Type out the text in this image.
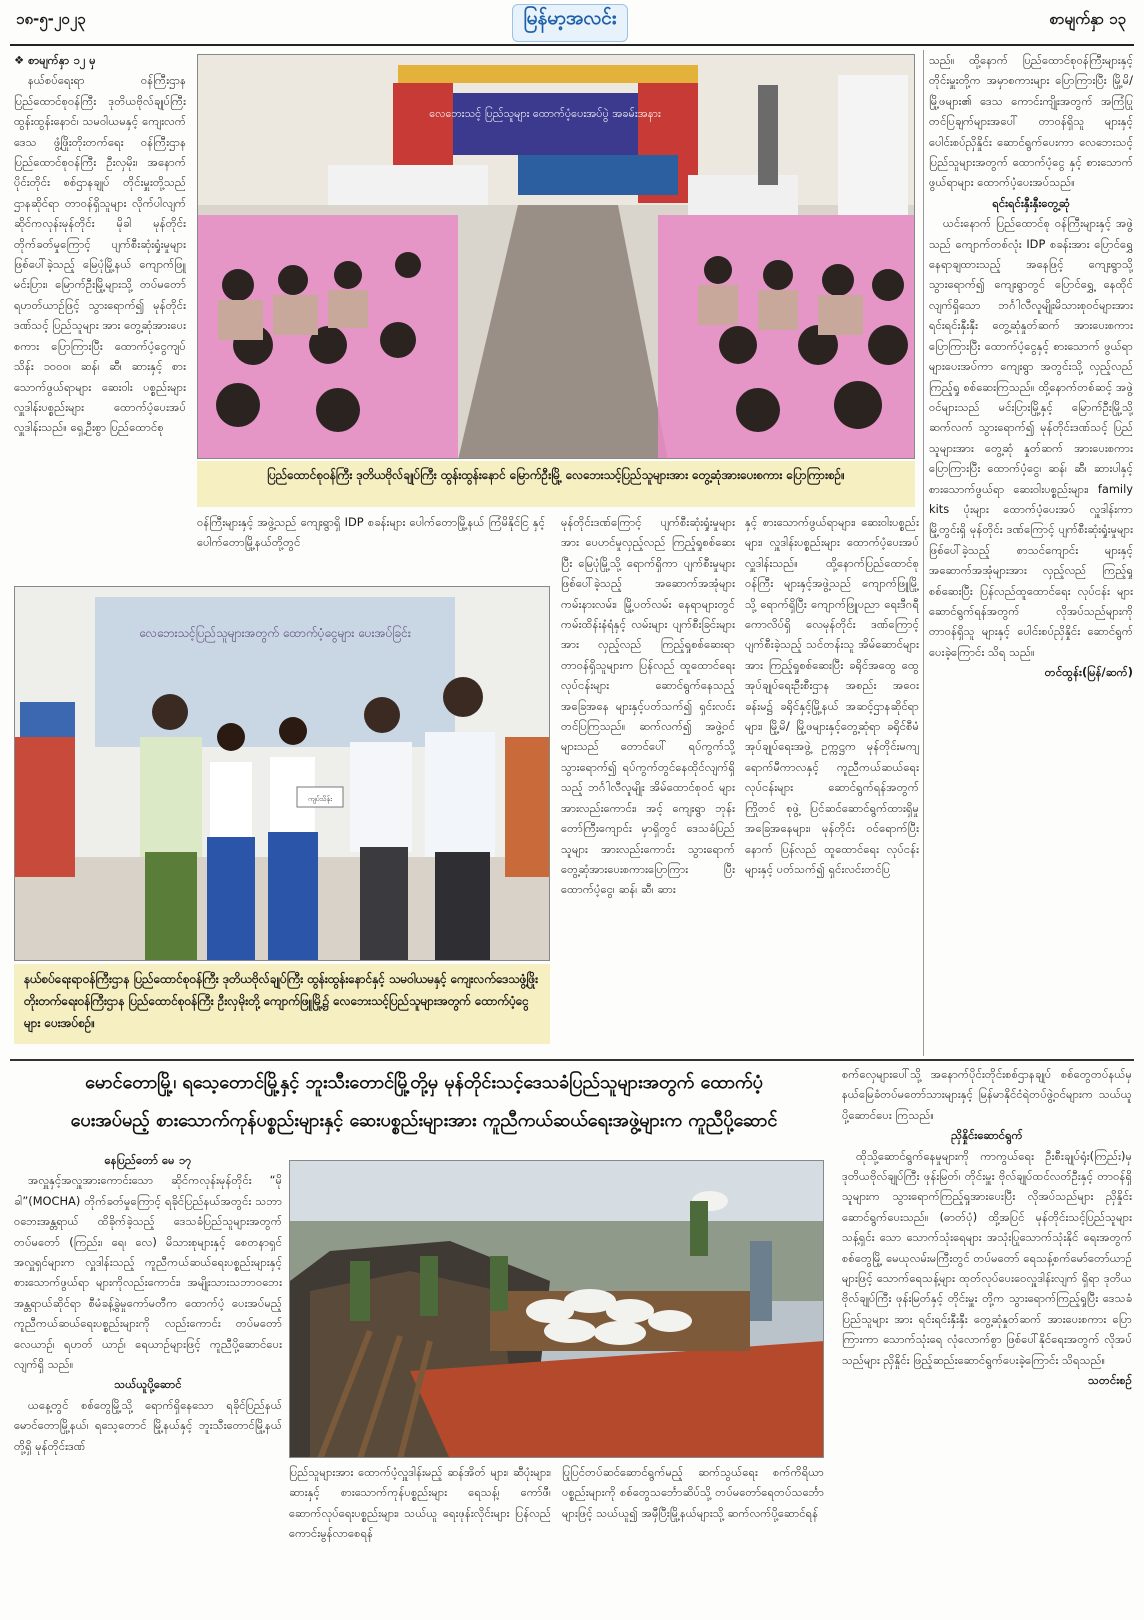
၁၈-၅-၂၀၂၃	မြန်မာ့အလင်း	စာမျက်နှာ ၁၃

❖ စာမျက်နှာ ၁၂ မှ

နယ်စပ်ရေးရာ ဝန်ကြီးဌာန ပြည်ထောင်စုဝန်ကြီး ဒုတိယဗိုလ်ချုပ်ကြီး ထွန်းထွန်းနောင်၊ သမဝါယမနှင့် ကျေးလက်ဒေသ ဖွံ့ဖြိုးတိုးတက်ရေး ဝန်ကြီးဌာန ပြည်ထောင်စုဝန်ကြီး ဦးလှမိုး၊ အနောက်ပိုင်းတိုင်း စစ်ဌာနချုပ် တိုင်းမှူးတို့သည် ဌာနဆိုင်ရာ တာဝန်ရှိသူများ လိုက်ပါလျက် ဆိုင်ကလုန်းမုန်တိုင်း မိုခါ မုန်တိုင်း တိုက်ခတ်မှုကြောင့် ပျက်စီးဆုံးရှုံးမှုများ ဖြစ်ပေါ်ခဲ့သည့် မြေပုံမြို့နယ် ကျောက်ဖြူ မင်းပြား၊ မြောက်ဦးမြို့များသို့ တပ်မတော် ရဟတ်ယာဉ်ဖြင့် သွားရောက်၍ မုန်တိုင်းဒဏ်သင့် ပြည်သူများ အား တွေ့ဆုံအားပေးစကား ပြောကြားပြီး ထောက်ပံ့ငွေကျပ် သိန်း ၁၀၀၀၊ ဆန်၊ ဆီ၊ ဆားနှင့် စားသောက်ဖွယ်ရာများ ဆေးဝါး ပစ္စည်းများ လှူဒါန်းပစ္စည်းများ ထောက်ပံ့ပေးအပ်လှူဒါန်းသည်။ ရှေ့ဦးစွာ ပြည်ထောင်စု

လေဘေးသင့် ပြည်သူများ ထောက်ပံ့ပေးအပ်ပွဲ အခမ်းအနား
ပြည်ထောင်စုဝန်ကြီး ဒုတိယဗိုလ်ချုပ်ကြီး ထွန်းထွန်းနောင် မြောက်ဦးမြို့ လေဘေးသင့်ပြည်သူများအား တွေ့ဆုံအားပေးစကား ပြောကြားစဉ်။
ဝန်ကြီးများနှင့် အဖွဲ့သည် ကျေးရွာရှိ IDP စခန်းများ ပေါက်တောမြို့နယ် ကြံမိနိုင်ငြ နှင့် ပေါက်တောမြို့နယ်တို့တွင်

သည်။ ထို့နောက် ပြည်ထောင်စုဝန်ကြီးများနှင့် တိုင်းမှူးတို့က အမှာစကားများ ပြောကြားပြီး မြို့မိ/ မြို့ဖများ၏ ဒေသ ကောင်းကျိုးအတွက် အကြံပြု တင်ပြချက်များအပေါ် တာဝန်ရှိသူ များနှင့် ပေါင်းစပ်ညှိနှိုင်း ဆောင်ရွက်ပေးကာ လေဘေးသင့် ပြည်သူများအတွက် ထောက်ပံ့ငွေ နှင့် စားသောက်ဖွယ်ရာများ ထောက်ပံ့ပေးအပ်သည်။

ရင်းရင်းနှီးနှီးတွေ့ဆုံ

ယင်းနောက် ပြည်ထောင်စု ဝန်ကြီးများနှင့် အဖွဲ့သည် ကျောက်တစ်လုံး IDP စခန်းအား ပြောင်ရွှေ့ နေရာချထားသည့် အနေဖြင့် ကျေးရွာသို့ သွားရောက်၍ ကျေးရွာတွင် ပြောင်ရွှေ့ နေထိုင်လျက်ရှိသော ဘင်္ဂါလီလူမျိုးမိသားစုဝင်များအား ရင်းရင်းနှီးနှီး တွေ့ဆုံနှုတ်ဆက် အားပေးစကား ပြောကြားပြီး ထောက်ပံ့ငွေနှင့် စားသောက် ဖွယ်ရာများပေးအပ်ကာ ကျေးရွာ အတွင်းသို့ လှည့်လည်ကြည့်ရှု စစ်ဆေးကြသည်။ ထို့နောက်တစ်ဆင့် အဖွဲ့ဝင်များသည် မင်းပြားမြို့နှင့် မြောက်ဦးမြို့သို့ ဆက်လက် သွားရောက်၍ မုန်တိုင်းဒဏ်သင့် ပြည်သူများအား တွေ့ဆုံ နှုတ်ဆက် အားပေးစကား ပြောကြားပြီး ထောက်ပံ့ငွေ၊ ဆန်၊ ဆီ၊ ဆားပါနှင့် စားသောက်ဖွယ်ရာ ဆေးဝါးပစ္စည်းများ၊ family kits ပုံးများ ထောက်ပံ့ပေးအပ် လှူဒါန်းကာ မြို့တွင်းရှိ မုန်တိုင်း ဒဏ်ကြောင့် ပျက်စီးဆုံးရှုံးမှုများ ဖြစ်ပေါ်ခဲ့သည့် စာသင်ကျောင်း များနှင့် အဆောက်အအုံများအား လှည့်လည် ကြည့်ရှုစစ်ဆေးပြီး ပြန်လည်ထူထောင်ရေး လုပ်ငန်း များ ဆောင်ရွက်ရန်အတွက် လိုအပ်သည်များကို တာဝန်ရှိသူ များနှင့် ပေါင်းစပ်ညှိနှိုင်း ဆောင်ရွက်ပေးခဲ့ကြောင်း သိရ သည်။

တင်ထွန်း(မြန်/ဆက်)

လေဘေးသင့်ပြည်သူများအတွက် ထောက်ပံ့ငွေများ ပေးအပ်ခြင်း
ကျပ်သိန်း
နယ်စပ်ရေးရာဝန်ကြီးဌာန ပြည်ထောင်စုဝန်ကြီး ဒုတိယဗိုလ်ချုပ်ကြီး ထွန်းထွန်းနောင်နှင့် သမဝါယမနှင့် ကျေးလက်ဒေသဖွံ့ဖြိုးတိုးတက်ရေးဝန်ကြီးဌာန ပြည်ထောင်စုဝန်ကြီး ဦးလှမိုးတို့ ကျောက်ဖြူမြို့၌ လေဘေးသင့်ပြည်သူများအတွက် ထောက်ပံ့ငွေများ ပေးအပ်စဉ်။

မုန်တိုင်းဒဏ်ကြောင့် ပျက်စီးဆုံးရှုံးမှုများအား ပေဟင်မှုလှည့်လည် ကြည့်ရှုစစ်ဆေးပြီး မြေပုံမြို့သို့ ရောက်ရှိကာ ပျက်စီးမှုများ ဖြစ်ပေါ်ခဲ့သည့် အဆောက်အအုံများ ကမ်းနားလမ်း၊ မြို့ပတ်လမ်း နေရာများတွင် ကမ်းထိန်းနံရံနှင့် လမ်းများ ပျက်စီးခြင်းများအား လှည့်လည် ကြည့်ရှုစစ်ဆေးရာ တာဝန်ရှိသူများက ပြန်လည် ထူထောင်ရေး လုပ်ငန်းများ ဆောင်ရွက်နေသည့် အခြေအနေ များနှင့်ပတ်သက်၍ ရှင်းလင်း တင်ပြကြသည်။ ဆက်လက်၍ အဖွဲ့ဝင်များသည် တောင်ပေါ် ရပ်ကွက်သို့ သွားရောက်၍ ရပ်ကွက်တွင်နေထိုင်လျက်ရှိသည့် ဘင်္ဂါလီလူမျိုး အိမ်ထောင်စုဝင် များအားလည်းကောင်း၊ အင့် ကျေးရွာ ဘုန်းတော်ကြီးကျောင်း မှာရှိတွင် ဒေသခံပြည်သူများ အားလည်းကောင်း သွားရောက် တွေ့ဆုံအားပေးစကားပြောကြား ပြီး ထောက်ပံ့ငွေ၊ ဆန်၊ ဆီ၊ ဆား

နှင့် စားသောက်ဖွယ်ရာများ၊ ဆေးဝါးပစ္စည်းများ၊ လှူဒါန်းပစ္စည်းများ ထောက်ပံ့ပေးအပ် လှူဒါန်းသည်။ ထို့နောက်ပြည်ထောင်စုဝန်ကြီး များနှင့်အဖွဲ့သည် ကျောက်ဖြူမြို့ သို့ ရောက်ရှိပြီး ကျောက်ဖြူပညာ ရေးဒီဂရီကောလိပ်ရှိ လေမုန်တိုင်း ဒဏ်ကြောင့် ပျက်စီးခဲ့သည့် သင်တန်းသူ အိမ်ဆောင်များအား ကြည့်ရှုစစ်ဆေးပြီး ခရိုင်အထွေ ထွေအုပ်ချုပ်ရေးဦးစီးဌာန အစည်း အဝေးခန်းမ၌ ခရိုင်နှင့်မြို့နယ် အဆင့်ဌာနဆိုင်ရာများ၊ မြို့မိ/ မြို့ဖများနှင့်တွေ့ဆုံရာ ခရိုင်စီမံ အုပ်ချုပ်ရေးအဖွဲ့ ဥက္ကဋ္ဌက မုန်တိုင်းမကျရောက်မီကာလနှင့် ကူညီကယ်ဆယ်ရေးလုပ်ငန်းများ ဆောင်ရွက်ရန်အတွက် ကြိုတင် စုဖွဲ့ ပြင်ဆင်ဆောင်ရွက်ထားရှိမှု အခြေအနေများ၊ မုန်တိုင်း ဝင်ရောက်ပြီးနောက် ပြန်လည် ထူထောင်ရေး လုပ်ငန်းများနှင့် ပတ်သက်၍ ရှင်းလင်းတင်ပြ

မောင်တောမြို့၊ ရသေ့တောင်မြို့နှင့် ဘူးသီးတောင်မြို့တို့မှ မုန်တိုင်းသင့်ဒေသခံပြည်သူများအတွက် ထောက်ပံ့
ပေးအပ်မည့် စားသောက်ကုန်ပစ္စည်းများနှင့် ဆေးပစ္စည်းများအား ကူညီကယ်ဆယ်ရေးအဖွဲ့များက ကူညီပို့ဆောင်

စက်လှေများပေါ်သို့ အနောက်ပိုင်းတိုင်းစစ်ဌာနချုပ် စစ်တွေတပ်နယ်မှ နယ်မြေခံတပ်မတော်သားများနှင့် မြန်မာနိုင်ငံရဲတပ်ဖွဲ့ဝင်များက သယ်ယူပို့ဆောင်ပေး ကြသည်။

ညှိနှိုင်းဆောင်ရွက်

ထိုသို့ဆောင်ရွက်နေမှုများကို ကာကွယ်ရေး ဦးစီးချုပ်ရုံး(ကြည်း)မှ ဒုတိယဗိုလ်ချုပ်ကြီး ဖုန်းမြတ်၊ တိုင်းမှူး ဗိုလ်ချုပ်ထင်လတ်ဦးနှင့် တာဝန်ရှိသူများက သွားရောက်ကြည့်ရှုအားပေးပြီး လိုအပ်သည်များ ညှိနှိုင်းဆောင်ရွက်ပေးသည်။ (ဓာတ်ပုံ) ထို့အပြင် မုန်တိုင်းသင့်ပြည်သူများ သန့်ရှင်း သော သောက်သုံးရေများ အသုံးပြုသောက်သုံးနိုင် ရေးအတွက် စစ်တွေမြို့ မေယုလမ်းမကြီးတွင် တပ်မတော် ရေသန့်စက်မော်တော်ယာဉ်များဖြင့် သောက်ရေသန့်များ ထုတ်လုပ်ပေးဝေလှူဒါန်းလျက် ရှိရာ ဒုတိယဗိုလ်ချုပ်ကြီး ဖုန်းမြတ်နှင့် တိုင်းမှူး တို့က သွားရောက်ကြည့်ရှုပြီး ဒေသခံပြည်သူများ အား ရင်းရင်းနှီးနှီး တွေ့ဆုံနှုတ်ဆက် အားပေးစကား ပြောကြားကာ သောက်သုံးရေ လုံလောက်စွာ ဖြစ်ပေါ်နိုင်ရေးအတွက် လိုအပ်သည်များ ညှိနှိုင်း ဖြည့်ဆည်းဆောင်ရွက်ပေးခဲ့ကြောင်း သိရသည်။

သတင်းစဉ်

နေပြည်တော် မေ ၁၇

အလှူနှင့်အလှူအားကောင်းသော ဆိုင်ကလုန်းမုန်တိုင်း “မိုခါ”(MOCHA) တိုက်ခတ်မှုကြောင့် ရခိုင်ပြည်နယ်အတွင်း သဘာဝဘေးအန္တရာယ် ထိခိုက်ခဲ့သည့် ဒေသခံပြည်သူများအတွက် တပ်မတော် (ကြည်း၊ ရေ၊ လေ) မိသားစုများနှင့် စေတနာရှင်အလှူရှင်များက လှူဒါန်းသည့် ကူညီကယ်ဆယ်ရေးပစ္စည်းများနှင့် စားသောက်ဖွယ်ရာ များကိုလည်းကောင်း၊ အမျိုးသားသဘာဝဘေး အန္တရာယ်ဆိုင်ရာ စီမံခန့်ခွဲမှုကော်မတီက ထောက်ပံ့ ပေးအပ်မည့် ကူညီကယ်ဆယ်ရေးပစ္စည်းများကို လည်းကောင်း တပ်မတော်လေယာဉ်၊ ရဟတ် ယာဉ်၊ ရေယာဉ်များဖြင့် ကူညီပို့ဆောင်ပေးလျက်ရှိ သည်။

သယ်ယူပို့ဆောင်

ယနေ့တွင် စစ်တွေမြို့သို့ ရောက်ရှိနေသော ရခိုင်ပြည်နယ် မောင်တောမြို့နယ်၊ ရသေ့တောင် မြို့နယ်နှင့် ဘူးသီးတောင်မြို့နယ်တို့ရှိ မုန်တိုင်းဒဏ်

ပြည်သူများအား ထောက်ပံ့လှူဒါန်းမည့် ဆန်အိတ် များ၊ ဆီပုံးများ၊ ဆားနှင့် စားသောက်ကုန်ပစ္စည်းများ ရေသန့်၊ ကော်ဖီ၊ ဆောက်လုပ်ရေးပစ္စည်းများ၊ သယ်ယူ ရေးဖုန်းလိုင်းများ ပြန်လည်ကောင်းမွန်လာစေရန်
ပြုပြင်တပ်ဆင်ဆောင်ရွက်မည့် ဆက်သွယ်ရေး စက်ကိရိယာပစ္စည်းများကို စစ်တွေသင်္ဘောဆိပ်သို့ တပ်မတော်ရေတပ်သင်္ဘောများဖြင့် သယ်ယူ၍ အမှီပြီးမြို့နယ်များသို့ ဆက်လက်ပို့ဆောင်ရန်
